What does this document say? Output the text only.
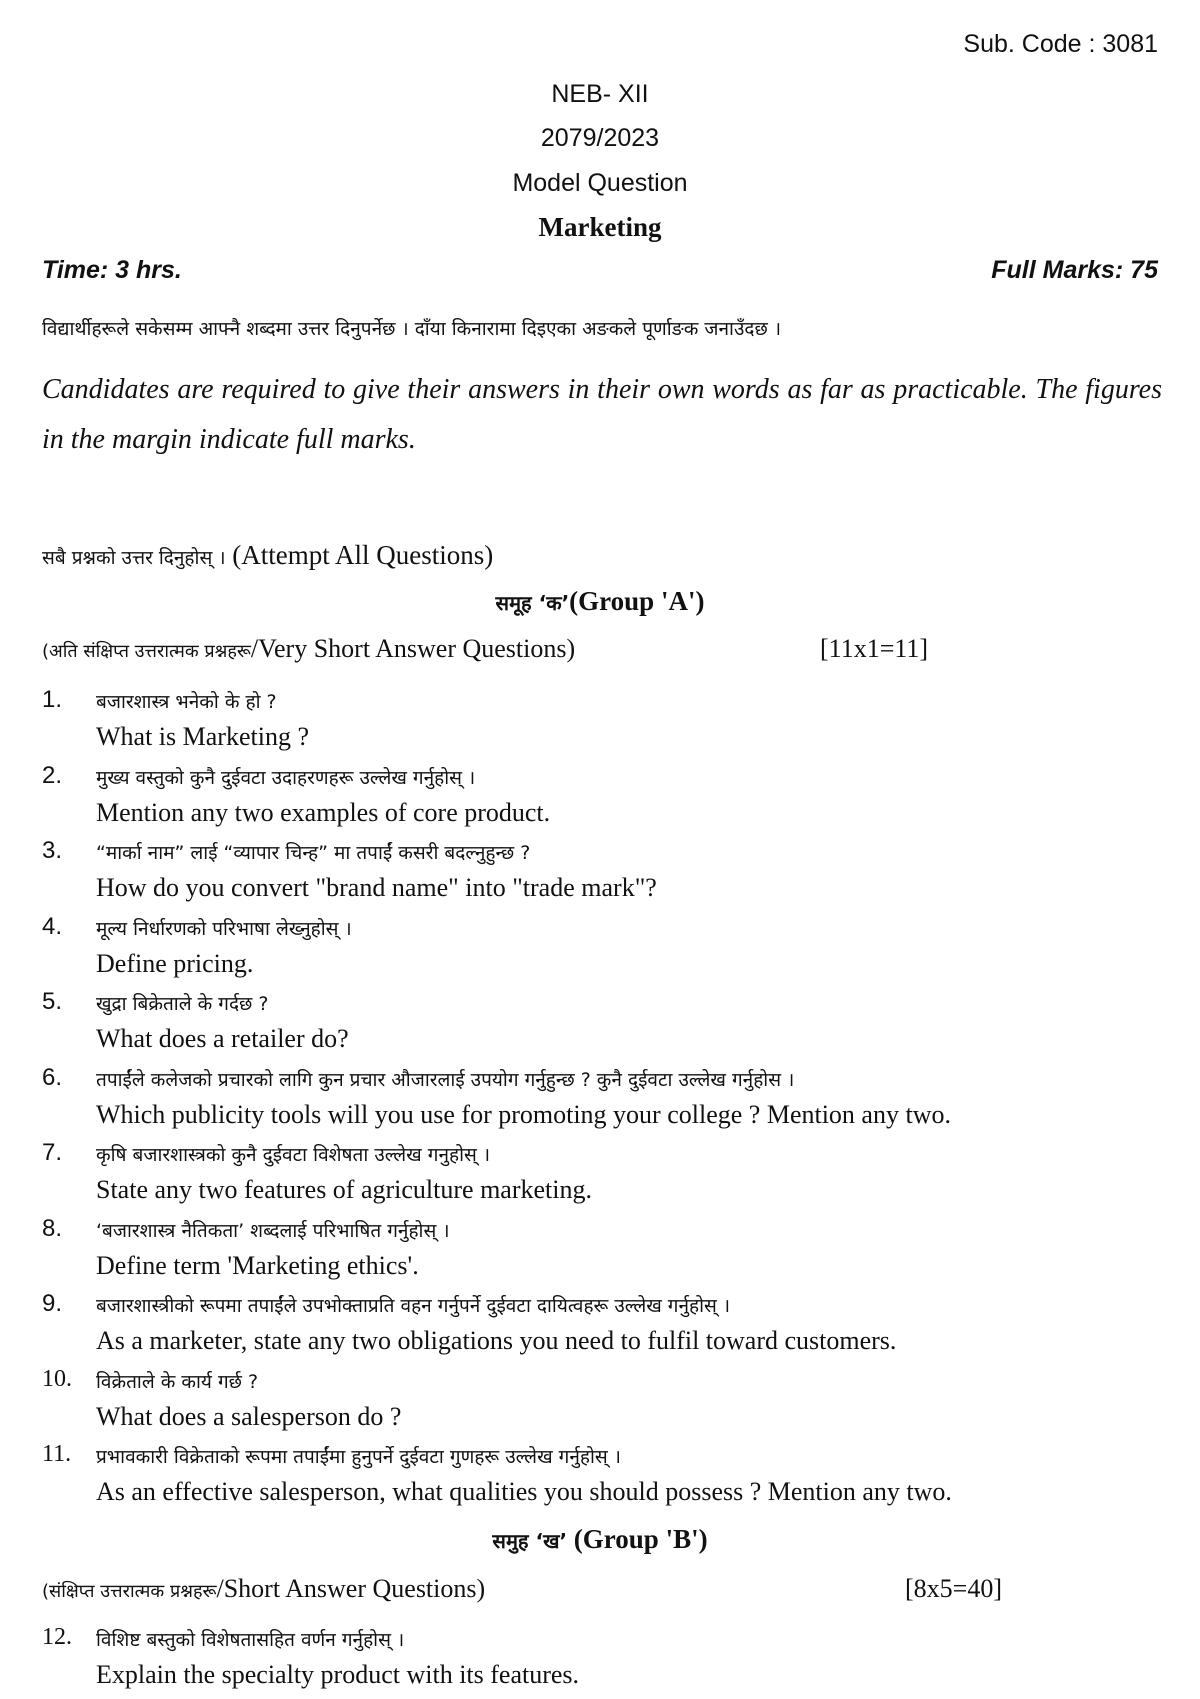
Sub. Code : 3081
NEB- XII
2079/2023
Model Question
Marketing
Time: 3 hrs.	Full Marks: 75
विद्यार्थीहरूले सकेसम्म आफ्नै शब्दमा उत्तर दिनुपर्नेछ । दाँया किनारामा दिइएका अङकले पूर्णाङक जनाउँदछ ।
Candidates are required to give their answers in their own words as far as practicable. The figures in the margin indicate full marks.
सबै प्रश्नको उत्तर दिनुहोस् । (Attempt All Questions)
समूह ‘क’(Group 'A')
(अति संक्षिप्त उत्तरात्मक प्रश्नहरू/Very Short Answer Questions)	[11x1=11]
1.	बजारशास्त्र भनेको के हो ?
What is Marketing ?
2.	मुख्य वस्तुको कुनै दुईवटा उदाहरणहरू उल्लेख गर्नुहोस् ।
Mention any two examples of core product.
3.	“मार्का नाम” लाई “व्यापार चिन्ह” मा तपाईं कसरी बदल्नुहुन्छ ?
How do you convert "brand name" into "trade mark"?
4.	मूल्य निर्धारणको परिभाषा लेख्नुहोस् ।
Define pricing.
5.	खुद्रा बिक्रेताले के गर्दछ ?
What does a retailer do?
6.	तपाईंले कलेजको प्रचारको लागि कुन प्रचार औजारलाई उपयोग गर्नुहुन्छ ? कुनै दुईवटा उल्लेख गर्नुहोस ।
Which publicity tools will you use for promoting your college ? Mention any two.
7.	कृषि बजारशास्त्रको कुनै दुईवटा विशेषता उल्लेख गनुहोस् ।
State any two features of agriculture marketing.
8.	‘बजारशास्त्र नैतिकता’ शब्दलाई परिभाषित गर्नुहोस् ।
Define term 'Marketing ethics'.
9.	बजारशास्त्रीको रूपमा तपाईंले उपभोक्ताप्रति वहन गर्नुपर्ने दुईवटा दायित्वहरू उल्लेख गर्नुहोस् ।
As a marketer, state any two obligations you need to fulfil toward customers.
10.	विक्रेताले के कार्य गर्छ ?
What does a salesperson do ?
11.	प्रभावकारी विक्रेताको रूपमा तपाईंमा हुनुपर्ने दुईवटा गुणहरू उल्लेख गर्नुहोस् ।
As an effective salesperson, what qualities you should possess ? Mention any two.
समुह ‘ख’ (Group 'B')
(संक्षिप्त उत्तरात्मक प्रश्नहरू/Short Answer Questions)	[8x5=40]
12.	विशिष्ट बस्तुको विशेषतासहित वर्णन गर्नुहोस् ।
Explain the specialty product with its features.
